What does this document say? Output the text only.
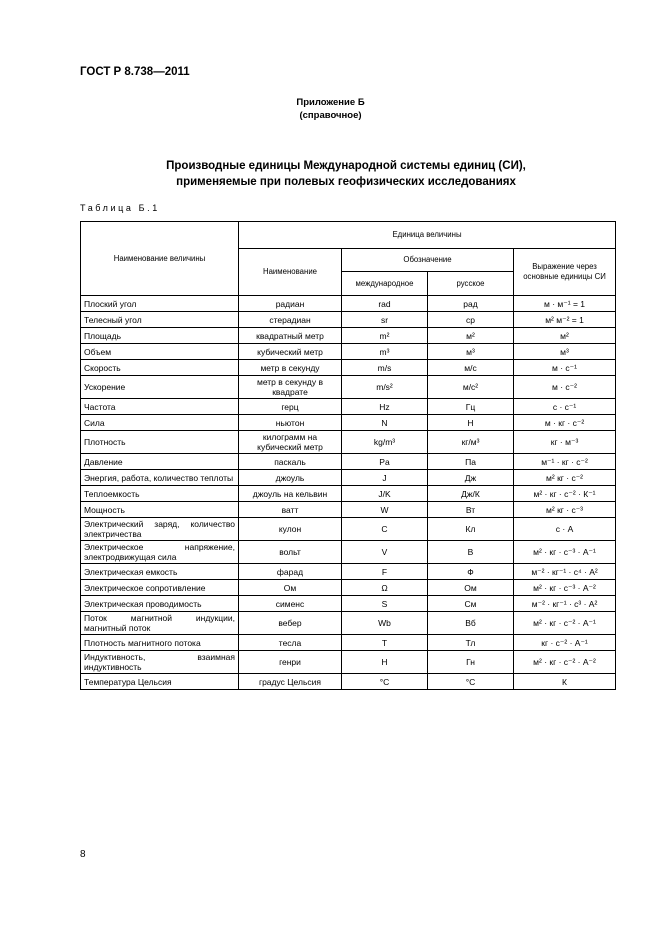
ГОСТ Р 8.738—2011
Приложение Б
(справочное)
Производные единицы Международной системы единиц (СИ),
применяемые при полевых геофизических исследованиях
Таблица Б.1
Наименование величины	Единица величины			
	Наименование	Обозначение		Выражение через основные единицы СИ
		международное	русское	
Плоский угол	радиан	rad	рад	м · м⁻¹ = 1
Телесный угол	стерадиан	sr	ср	м² м⁻² = 1
Площадь	квадратный метр	m²	м²	м²
Объем	кубический метр	m³	м³	м³
Скорость	метр в секунду	m/s	м/с	м · с⁻¹
Ускорение	метр в секунду в квадрате	m/s²	м/с²	м · с⁻²
Частота	герц	Hz	Гц	с · с⁻¹
Сила	ньютон	N	Н	м · кг · с⁻²
Плотность	килограмм на кубический метр	kg/m³	кг/м³	кг · м⁻³
Давление	паскаль	Pa	Па	м⁻¹ · кг · с⁻²
Энергия, работа, количество теплоты	джоуль	J	Дж	м² кг · с⁻²
Теплоемкость	джоуль на кельвин	J/K	Дж/К	м² · кг · с⁻² · К⁻¹
Мощность	ватт	W	Вт	м² кг · с⁻³
Электрический заряд, количество электричества	кулон	C	Кл	с · А
Электрическое напряжение, электродвижущая сила	вольт	V	В	м² · кг · с⁻³ · А⁻¹
Электрическая емкость	фарад	F	Ф	м⁻² · кг⁻¹ · с⁴ · А²
Электрическое сопротивление	Ом	Ω	Ом	м² · кг · с⁻³ · А⁻²
Электрическая проводимость	сименс	S	См	м⁻² · кг⁻¹ · с³ · А²
Поток магнитной индукции, магнитный поток	вебер	Wb	Вб	м² · кг · с⁻² · А⁻¹
Плотность магнитного потока	тесла	T	Тл	кг · с⁻² · А⁻¹
Индуктивность, взаимная индуктивность	генри	H	Гн	м² · кг · с⁻² · А⁻²
Температура Цельсия	градус Цельсия	°C	°С	К
8
